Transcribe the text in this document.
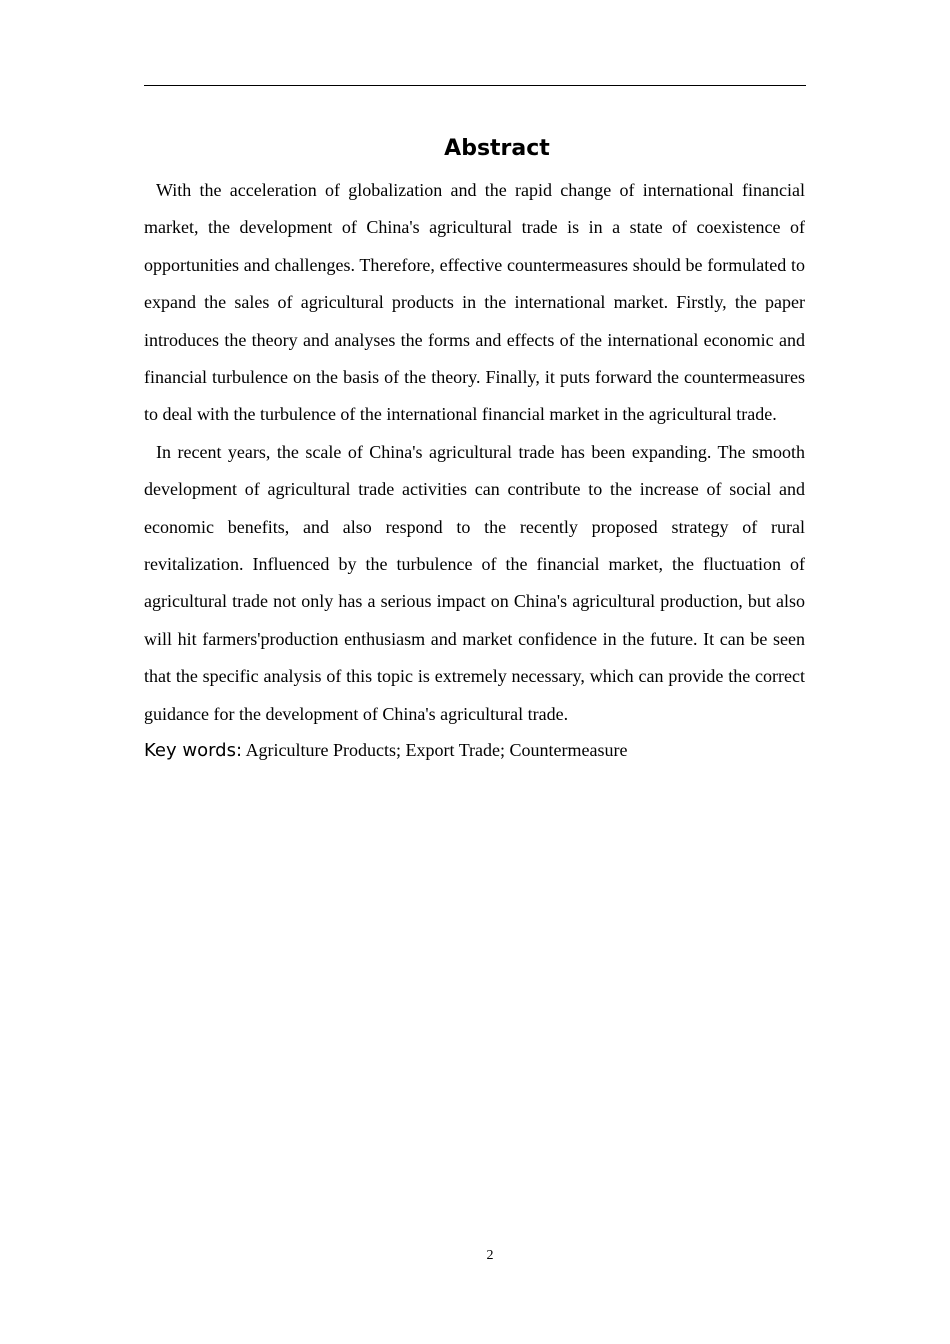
Abstract

With the acceleration of globalization and the rapid change of international financial market, the development of China's agricultural trade is in a state of coexistence of opportunities and challenges. Therefore, effective countermeasures should be formulated to expand the sales of agricultural products in the international market. Firstly, the paper introduces the theory and analyses the forms and effects of the international economic and financial turbulence on the basis of the theory. Finally, it puts forward the countermeasures to deal with the turbulence of the international financial market in the agricultural trade.

In recent years, the scale of China's agricultural trade has been expanding. The smooth development of agricultural trade activities can contribute to the increase of social and economic benefits, and also respond to the recently proposed strategy of rural revitalization. Influenced by the turbulence of the financial market, the fluctuation of agricultural trade not only has a serious impact on China's agricultural production, but also will hit farmers'production enthusiasm and market confidence in the future. It can be seen that the specific analysis of this topic is extremely necessary, which can provide the correct guidance for the development of China's agricultural trade.

Key words: Agriculture Products; Export Trade; Countermeasure

2
